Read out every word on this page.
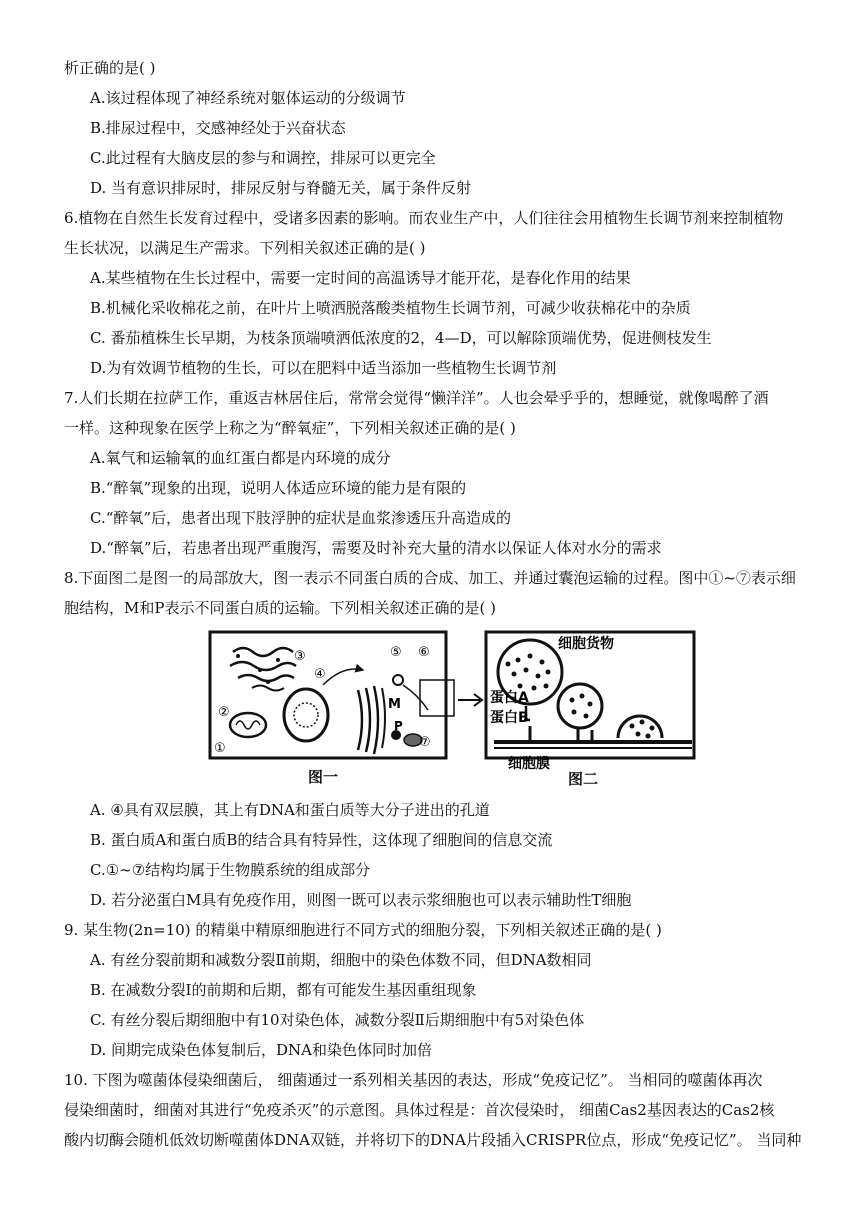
析正确的是( )
A.该过程体现了神经系统对躯体运动的分级调节
B.排尿过程中，交感神经处于兴奋状态
C.此过程有大脑皮层的参与和调控，排尿可以更完全
D. 当有意识排尿时，排尿反射与脊髓无关，属于条件反射
6.植物在自然生长发育过程中，受诸多因素的影响。而农业生产中，人们往往会用植物生长调节剂来控制植物
生长状况，以满足生产需求。下列相关叙述正确的是( )
A.某些植物在生长过程中，需要一定时间的高温诱导才能开花，是春化作用的结果
B.机械化采收棉花之前，在叶片上喷洒脱落酸类植物生长调节剂，可减少收获棉花中的杂质
C. 番茄植株生长早期，为枝条顶端喷洒低浓度的2，4—D，可以解除顶端优势，促进侧枝发生
D.为有效调节植物的生长，可以在肥料中适当添加一些植物生长调节剂
7.人们长期在拉萨工作，重返吉林居住后，常常会觉得“懒洋洋”。人也会晕乎乎的，想睡觉，就像喝醉了酒
一样。这种现象在医学上称之为“醉氧症”，下列相关叙述正确的是( )
A.氧气和运输氧的血红蛋白都是内环境的成分
B.“醉氧”现象的出现，说明人体适应环境的能力是有限的
C.“醉氧”后，患者出现下肢浮肿的症状是血浆渗透压升高造成的
D.“醉氧”后，若患者出现严重腹泻，需要及时补充大量的清水以保证人体对水分的需求
8.下面图二是图一的局部放大，图一表示不同蛋白质的合成、加工、并通过囊泡运输的过程。图中①~⑦表示细
胞结构，M和P表示不同蛋白质的运输。下列相关叙述正确的是( )
①
②
③
④
⑤ ⑥
⑦
M
P
细胞货物
蛋白A
蛋白B
细胞膜
图一	图二
A. ④具有双层膜，其上有DNA和蛋白质等大分子进出的孔道
B. 蛋白质A和蛋白质B的结合具有特异性，这体现了细胞间的信息交流
C.①~⑦结构均属于生物膜系统的组成部分
D. 若分泌蛋白M具有免疫作用，则图一既可以表示浆细胞也可以表示辅助性T细胞
9. 某生物(2n=10) 的精巢中精原细胞进行不同方式的细胞分裂，下列相关叙述正确的是( )
A. 有丝分裂前期和减数分裂Ⅱ前期，细胞中的染色体数不同，但DNA数相同
B. 在减数分裂Ⅰ的前期和后期，都有可能发生基因重组现象
C. 有丝分裂后期细胞中有10对染色体，减数分裂Ⅱ后期细胞中有5对染色体
D. 间期完成染色体复制后，DNA和染色体同时加倍
10. 下图为噬菌体侵染细菌后， 细菌通过一系列相关基因的表达，形成“免疫记忆”。 当相同的噬菌体再次
侵染细菌时，细菌对其进行“免疫杀灭”的示意图。具体过程是：首次侵染时， 细菌Cas2基因表达的Cas2核
酸内切酶会随机低效切断噬菌体DNA双链，并将切下的DNA片段插入CRISPR位点，形成“免疫记忆”。 当同种
